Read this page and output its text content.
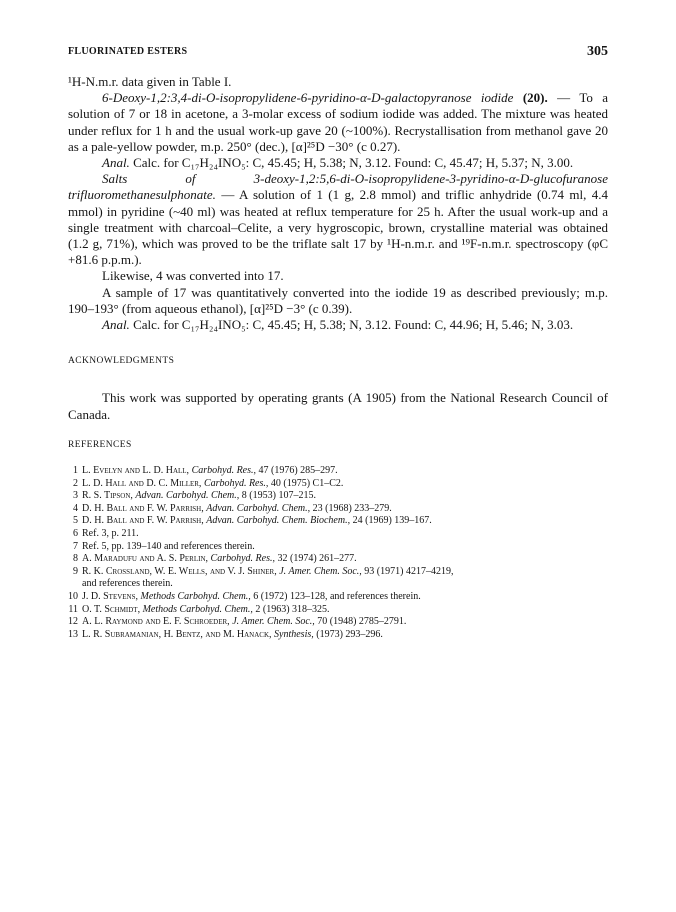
FLUORINATED ESTERS	305

¹H-N.m.r. data given in Table I.

6-Deoxy-1,2:3,4-di-O-isopropylidene-6-pyridino-α-D-galactopyranose iodide (20). — To a solution of 7 or 18 in acetone, a 3-molar excess of sodium iodide was added. The mixture was heated under reflux for 1 h and the usual work-up gave 20 (~100%). Recrystallisation from methanol gave 20 as a pale-yellow powder, m.p. 250° (dec.), [α]²⁵D −30° (c 0.27).

Anal. Calc. for C₁₇H₂₄INO₅: C, 45.45; H, 5.38; N, 3.12. Found: C, 45.47; H, 5.37; N, 3.00.

Salts of 3-deoxy-1,2:5,6-di-O-isopropylidene-3-pyridino-α-D-glucofuranose trifluoromethanesulphonate. — A solution of 1 (1 g, 2.8 mmol) and triflic anhydride (0.74 ml, 4.4 mmol) in pyridine (~40 ml) was heated at reflux temperature for 25 h. After the usual work-up and a single treatment with charcoal–Celite, a very hygroscopic, brown, crystalline material was obtained (1.2 g, 71%), which was proved to be the triflate salt 17 by ¹H-n.m.r. and ¹⁹F-n.m.r. spectroscopy (φC +81.6 p.p.m.).

Likewise, 4 was converted into 17.

A sample of 17 was quantitatively converted into the iodide 19 as described previously; m.p. 190–193° (from aqueous ethanol), [α]²⁵D −3° (c 0.39).

Anal. Calc. for C₁₇H₂₄INO₅: C, 45.45; H, 5.38; N, 3.12. Found: C, 44.96; H, 5.46; N, 3.03.

ACKNOWLEDGMENTS

This work was supported by operating grants (A 1905) from the National Research Council of Canada.

REFERENCES
1 L. Evelyn and L. D. Hall, Carbohyd. Res., 47 (1976) 285–297.
2 L. D. Hall and D. C. Miller, Carbohyd. Res., 40 (1975) C1–C2.
3 R. S. Tipson, Advan. Carbohyd. Chem., 8 (1953) 107–215.
4 D. H. Ball and F. W. Parrish, Advan. Carbohyd. Chem., 23 (1968) 233–279.
5 D. H. Ball and F. W. Parrish, Advan. Carbohyd. Chem. Biochem., 24 (1969) 139–167.
6 Ref. 3, p. 211.
7 Ref. 5, pp. 139–140 and references therein.
8 A. Maradufu and A. S. Perlin, Carbohyd. Res., 32 (1974) 261–277.
9 R. K. Crossland, W. E. Wells, and V. J. Shiner, J. Amer. Chem. Soc., 93 (1971) 4217–4219,
and references therein.
10 J. D. Stevens, Methods Carbohyd. Chem., 6 (1972) 123–128, and references therein.
11 O. T. Schmidt, Methods Carbohyd. Chem., 2 (1963) 318–325.
12 A. L. Raymond and E. F. Schroeder, J. Amer. Chem. Soc., 70 (1948) 2785–2791.
13 L. R. Subramanian, H. Bentz, and M. Hanack, Synthesis, (1973) 293–296.
